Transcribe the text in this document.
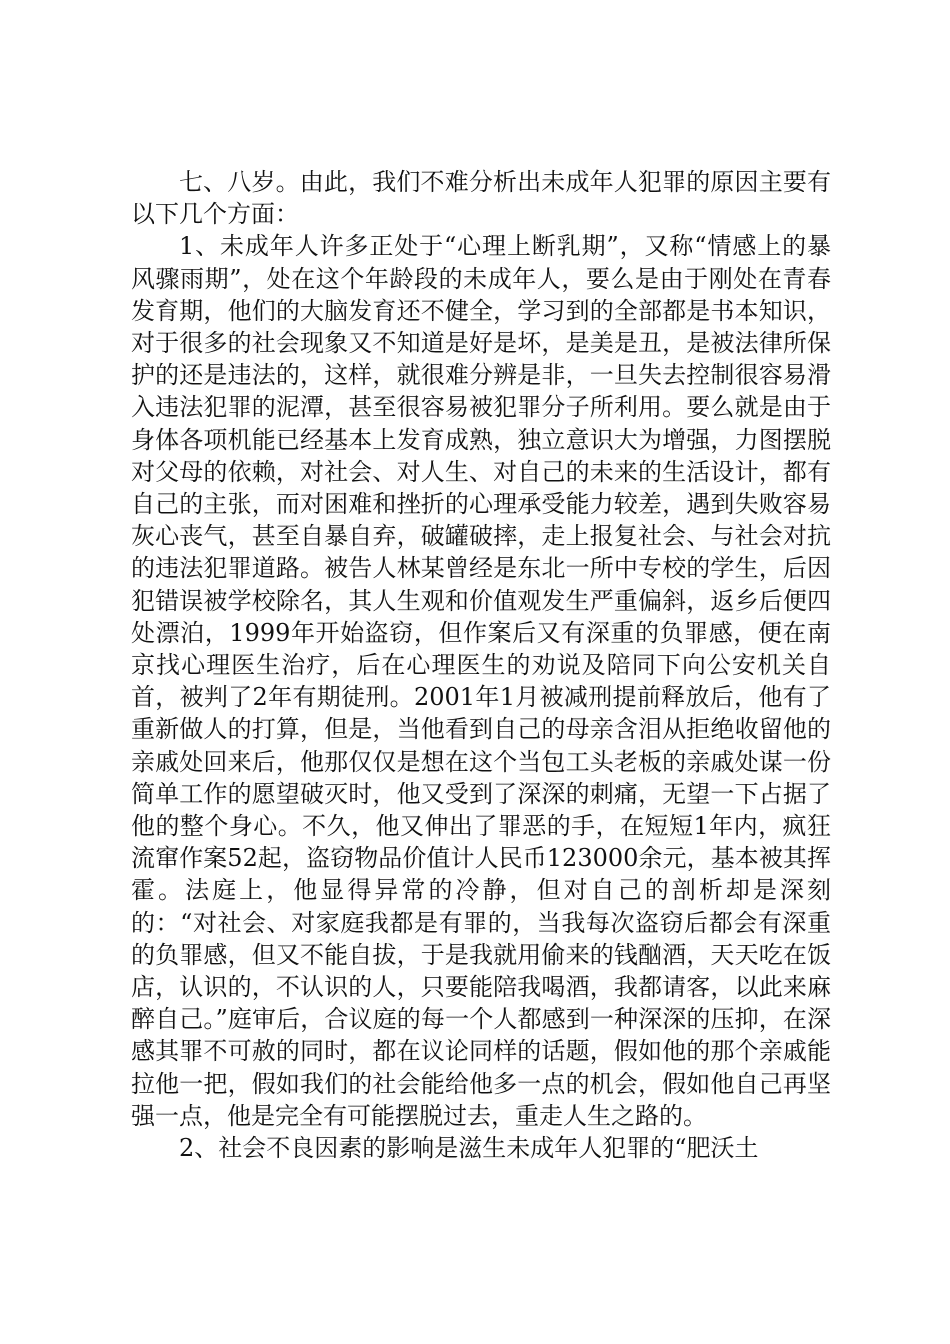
七、八岁。由此，我们不难分析出未成年人犯罪的原因主要有以下几个方面：

1、未成年人许多正处于“心理上断乳期”，又称“情感上的暴风骤雨期”，处在这个年龄段的未成年人，要么是由于刚处在青春发育期，他们的大脑发育还不健全，学习到的全部都是书本知识，对于很多的社会现象又不知道是好是坏，是美是丑，是被法律所保护的还是违法的，这样，就很难分辨是非，一旦失去控制很容易滑入违法犯罪的泥潭，甚至很容易被犯罪分子所利用。要么就是由于身体各项机能已经基本上发育成熟，独立意识大为增强，力图摆脱对父母的依赖，对社会、对人生、对自己的未来的生活设计，都有自己的主张，而对困难和挫折的心理承受能力较差，遇到失败容易灰心丧气，甚至自暴自弃，破罐破摔，走上报复社会、与社会对抗的违法犯罪道路。被告人林某曾经是东北一所中专校的学生，后因犯错误被学校除名，其人生观和价值观发生严重偏斜，返乡后便四处漂泊，1999年开始盗窃，但作案后又有深重的负罪感，便在南京找心理医生治疗，后在心理医生的劝说及陪同下向公安机关自首，被判了2年有期徒刑。2001年1月被减刑提前释放后，他有了重新做人的打算，但是，当他看到自己的母亲含泪从拒绝收留他的亲戚处回来后，他那仅仅是想在这个当包工头老板的亲戚处谋一份简单工作的愿望破灭时，他又受到了深深的刺痛，无望一下占据了他的整个身心。不久，他又伸出了罪恶的手，在短短1年内，疯狂流窜作案52起，盗窃物品价值计人民币123000余元，基本被其挥霍。法庭上，他显得异常的冷静，但对自己的剖析却是深刻的：“对社会、对家庭我都是有罪的，当我每次盗窃后都会有深重的负罪感，但又不能自拔，于是我就用偷来的钱酗酒，天天吃在饭店，认识的，不认识的人，只要能陪我喝酒，我都请客，以此来麻醉自己。”庭审后，合议庭的每一个人都感到一种深深的压抑，在深感其罪不可赦的同时，都在议论同样的话题，假如他的那个亲戚能拉他一把，假如我们的社会能给他多一点的机会，假如他自己再坚强一点，他是完全有可能摆脱过去，重走人生之路的。

2、社会不良因素的影响是滋生未成年人犯罪的“肥沃土
